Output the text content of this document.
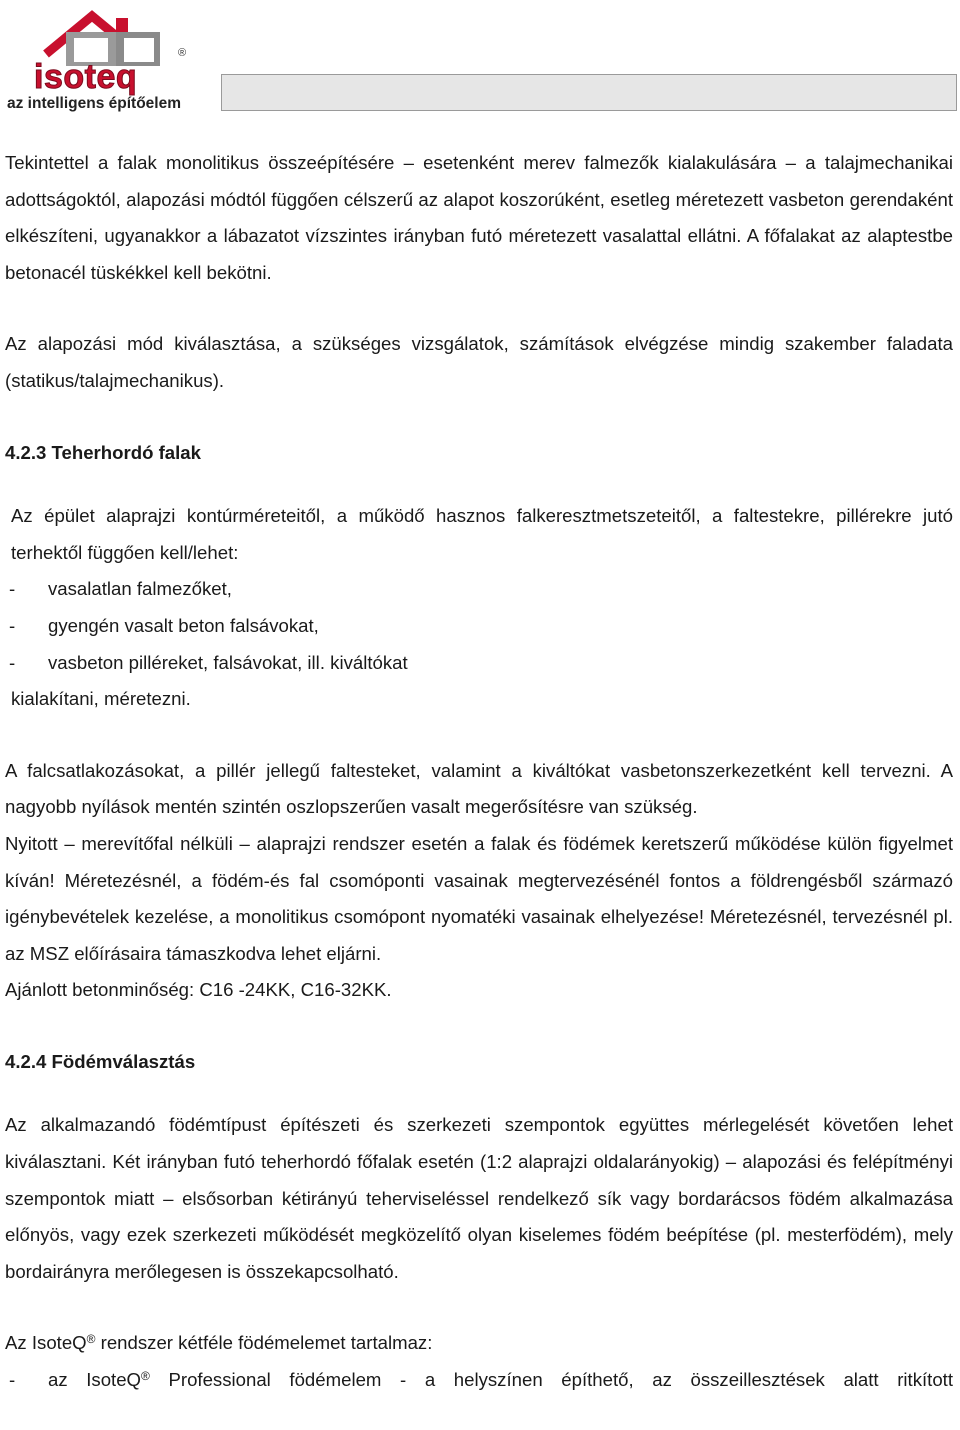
®
isoteq
az intelligens építőelem

Tekintettel a falak monolitikus összeépítésére – esetenként merev falmezők kialakulására – a talajmechanikai adottságoktól, alapozási módtól függően célszerű az alapot koszorúként, esetleg méretezett vasbeton gerendaként elkészíteni, ugyanakkor a lábazatot vízszintes irányban futó méretezett vasalattal ellátni. A főfalakat az alaptestbe betonacél tüskékkel kell bekötni.

Az alapozási mód kiválasztása, a szükséges vizsgálatok, számítások elvégzése mindig szakember faladata (statikus/talajmechanikus).

4.2.3 Teherhordó falak

Az épület alaprajzi kontúrméreteitől, a működő hasznos falkeresztmetszeteitől, a faltestekre, pillérekre jutó terhektől függően kell/lehet:

- vasalatlan falmezőket,
- gyengén vasalt beton falsávokat,
- vasbeton pilléreket, falsávokat, ill. kiváltókat

kialakítani, méretezni.

A falcsatlakozásokat, a pillér jellegű faltesteket, valamint a kiváltókat vasbetonszerkezetként kell tervezni. A nagyobb nyílások mentén szintén oszlopszerűen vasalt megerősítésre van szükség.

Nyitott – merevítőfal nélküli – alaprajzi rendszer esetén a falak és födémek keretszerű működése külön figyelmet kíván! Méretezésnél, a födém-és fal csomóponti vasainak megtervezésénél fontos a földrengésből származó igénybevételek kezelése, a monolitikus csomópont nyomatéki vasainak elhelyezése! Méretezésnél, tervezésnél pl. az MSZ előírásaira támaszkodva lehet eljárni.

Ajánlott betonminőség: C16 -24KK, C16-32KK.

4.2.4 Födémválasztás

Az alkalmazandó födémtípust építészeti és szerkezeti szempontok együttes mérlegelését követően lehet kiválasztani. Két irányban futó teherhordó főfalak esetén (1:2 alaprajzi oldalarányokig) – alapozási és felépítményi szempontok miatt – elsősorban kétirányú teherviseléssel rendelkező sík vagy bordarácsos födém alkalmazása előnyös, vagy ezek szerkezeti működését megközelítő olyan kiselemes födém beépítése (pl. mesterfödém), mely bordairányra merőlegesen is összekapcsolható.

Az IsoteQ® rendszer kétféle födémelemet tartalmaz:

- az IsoteQ® Professional födémelem - a helyszínen építhető, az összeillesztések alatt ritkított
